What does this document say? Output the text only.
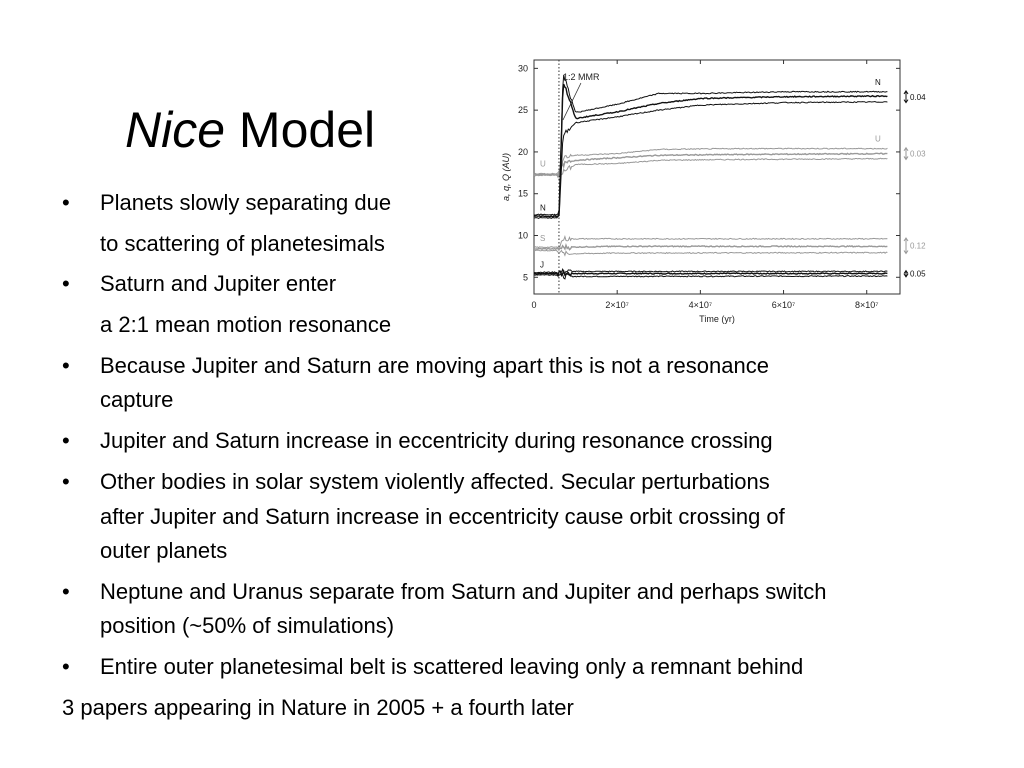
Nice Model
• Planets slowly separating due
to scattering of planetesimals
• Saturn and Jupiter enter
a 2:1 mean motion resonance
• Because Jupiter and Saturn are moving apart this is not a resonance
capture
• Jupiter and Saturn increase in eccentricity during resonance crossing
• Other bodies in solar system violently affected. Secular perturbations
after Jupiter and Saturn increase in eccentricity cause orbit crossing of
outer planets
• Neptune and Uranus separate from Saturn and Jupiter and perhaps switch
position (~50% of simulations)
• Entire outer planetesimal belt is scattered leaving only a remnant behind
3 papers appearing in Nature in 2005 + a fourth later
5
10
15
20
25
30
0	2×10⁷	4×10⁷	6×10⁷	8×10⁷
Time (yr)
a, q, Q (AU)
1:2 MMR
J
0.05
S
0.12
U
U
0.03
N
N
0.04
